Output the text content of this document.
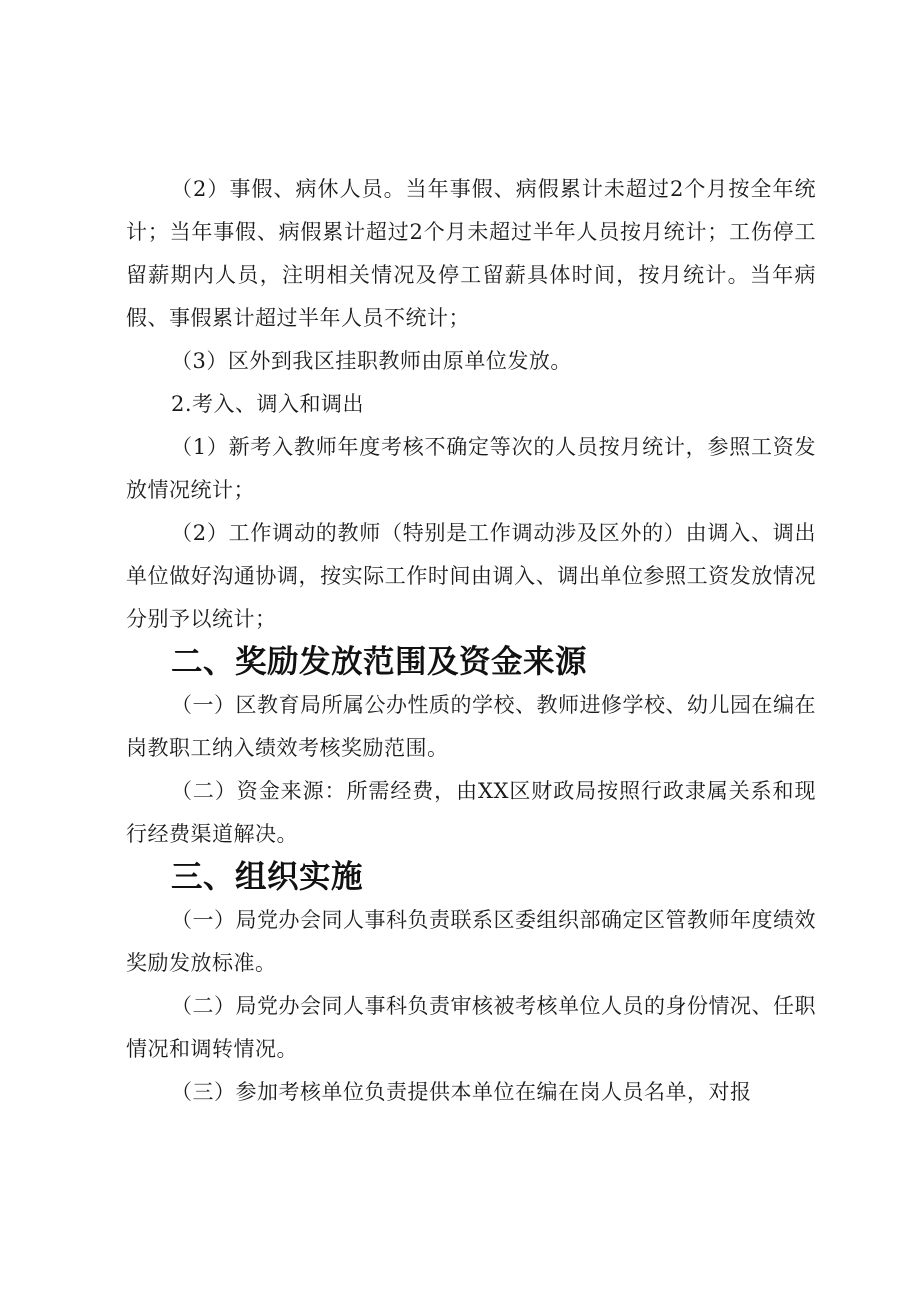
（2）事假、病休人员。当年事假、病假累计未超过2个月按全年统计；当年事假、病假累计超过2个月未超过半年人员按月统计；工伤停工留薪期内人员，注明相关情况及停工留薪具体时间，按月统计。当年病假、事假累计超过半年人员不统计；

（3）区外到我区挂职教师由原单位发放。

2.考入、调入和调出

（1）新考入教师年度考核不确定等次的人员按月统计，参照工资发放情况统计；

（2）工作调动的教师（特别是工作调动涉及区外的）由调入、调出单位做好沟通协调，按实际工作时间由调入、调出单位参照工资发放情况分别予以统计；

二、奖励发放范围及资金来源

（一）区教育局所属公办性质的学校、教师进修学校、幼儿园在编在岗教职工纳入绩效考核奖励范围。

（二）资金来源：所需经费，由XX区财政局按照行政隶属关系和现行经费渠道解决。

三、组织实施

（一）局党办会同人事科负责联系区委组织部确定区管教师年度绩效奖励发放标准。

（二）局党办会同人事科负责审核被考核单位人员的身份情况、任职情况和调转情况。

（三）参加考核单位负责提供本单位在编在岗人员名单，对报
